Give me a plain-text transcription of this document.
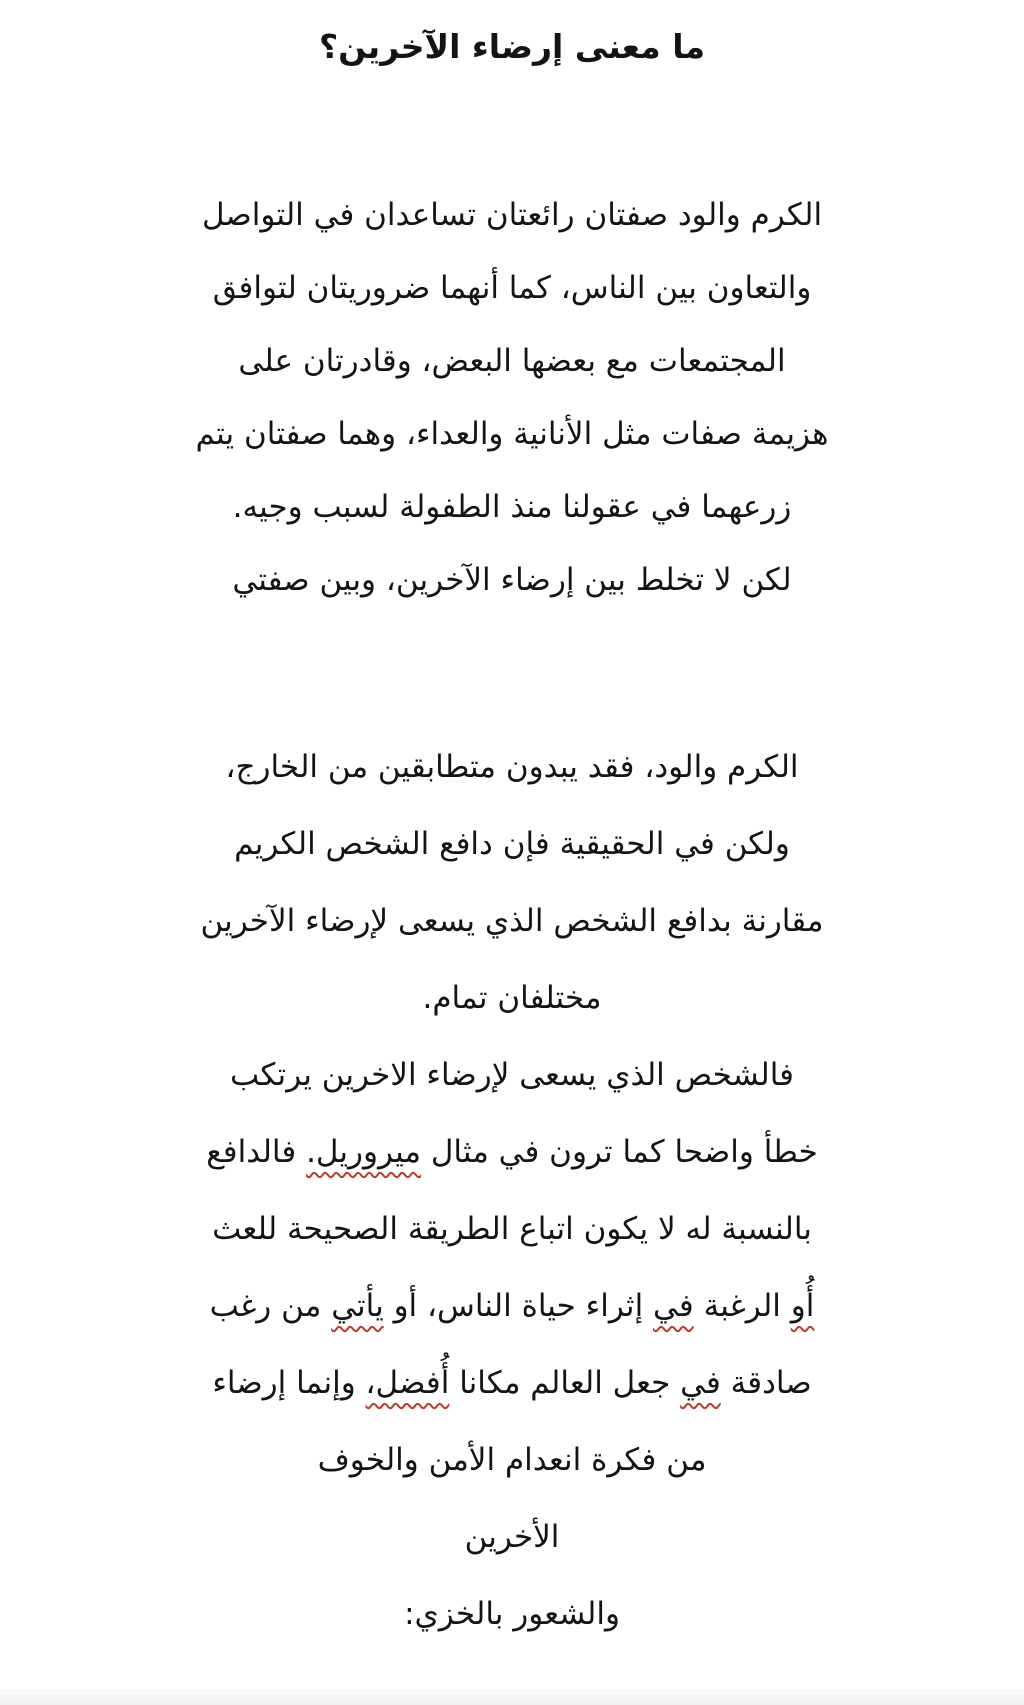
ما معنى إرضاء الآخرين؟
الكرم والود صفتان رائعتان تساعدان في التواصل
والتعاون بين الناس، كما أنهما ضروريتان لتوافق
المجتمعات مع بعضها البعض، وقادرتان على
هزيمة صفات مثل الأنانية والعداء، وهما صفتان يتم
زرعهما في عقولنا منذ الطفولة لسبب وجيه.
لكن لا تخلط بين إرضاء الآخرين، وبين صفتي
الكرم والود، فقد يبدون متطابقين من الخارج،
ولكن في الحقيقية فإن دافع الشخص الكريم
مقارنة بدافع الشخص الذي يسعى لإرضاء الآخرين
مختلفان تمام.
فالشخص الذي يسعى لإرضاء الاخرين يرتكب
خطأ واضحا كما ترون في مثال
ميروريل.
فالدافع
بالنسبة له لا يكون اتباع الطريقة الصحيحة للعث
أُو
الرغبة
في
إثراء حياة الناس، أو
يأتي
من رغب
صادقة
في
جعل العالم مكانا
أُفضل،
وإنما إرضاء
من فكرة انعدام الأمن والخوف
الأخرين
والشعور بالخزي:
